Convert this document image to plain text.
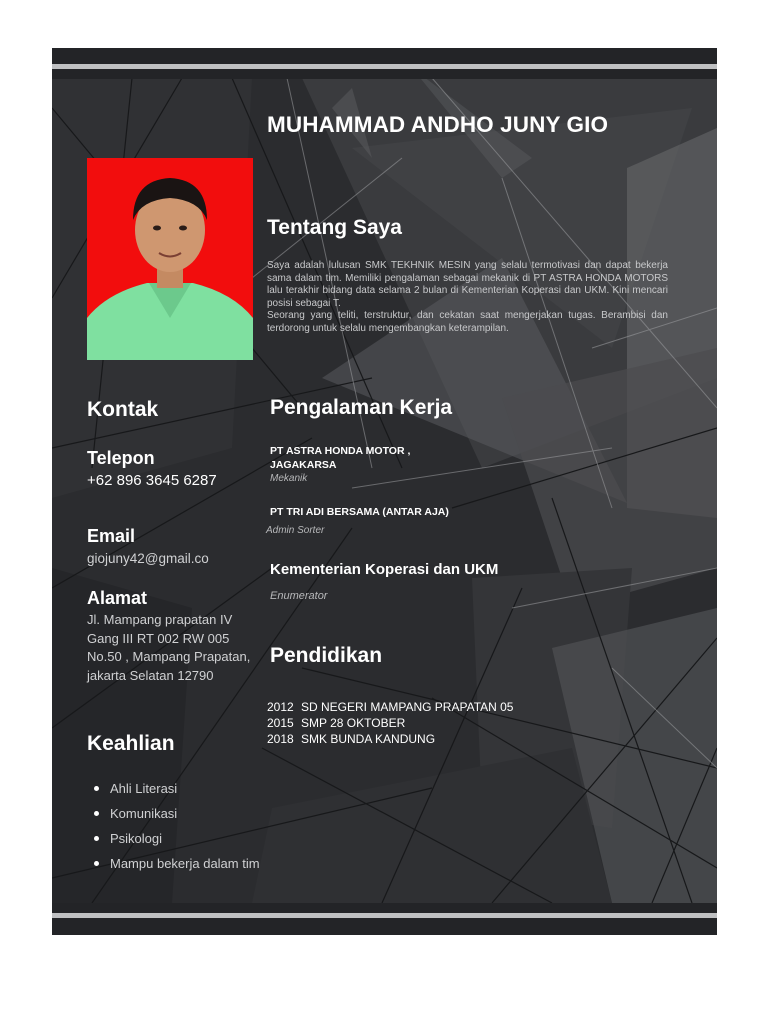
MUHAMMAD ANDHO JUNY GIO
Tentang Saya

Saya adalah lulusan SMK TEKHNIK MESIN yang selalu termotivasi dan dapat bekerja sama dalam tim. Memiliki pengalaman sebagai mekanik di PT ASTRA HONDA MOTORS lalu terakhir bidang data selama 2 bulan di Kementerian Koperasi dan UKM. Kini mencari posisi sebagai T.

Seorang yang teliti, terstruktur, dan cekatan saat mengerjakan tugas. Berambisi dan terdorong untuk selalu mengembangkan keterampilan.

Kontak
Telepon
+62 896 3645 6287
Email
giojuny42@gmail.co
Alamat
Jl. Mampang prapatan IV Gang III RT 002 RW 005 No.50 , Mampang Prapatan, jakarta Selatan 12790
Keahlian
Ahli Literasi
Komunikasi
Psikologi
Mampu bekerja dalam tim
Pengalaman Kerja
PT ASTRA HONDA MOTOR , JAGAKARSA
Mekanik
PT TRI ADI BERSAMA (ANTAR AJA)
Admin Sorter
Kementerian Koperasi dan UKM
Enumerator
Pendidikan
2012 SD NEGERI MAMPANG PRAPATAN 05
2015 SMP 28 OKTOBER
2018 SMK BUNDA KANDUNG
